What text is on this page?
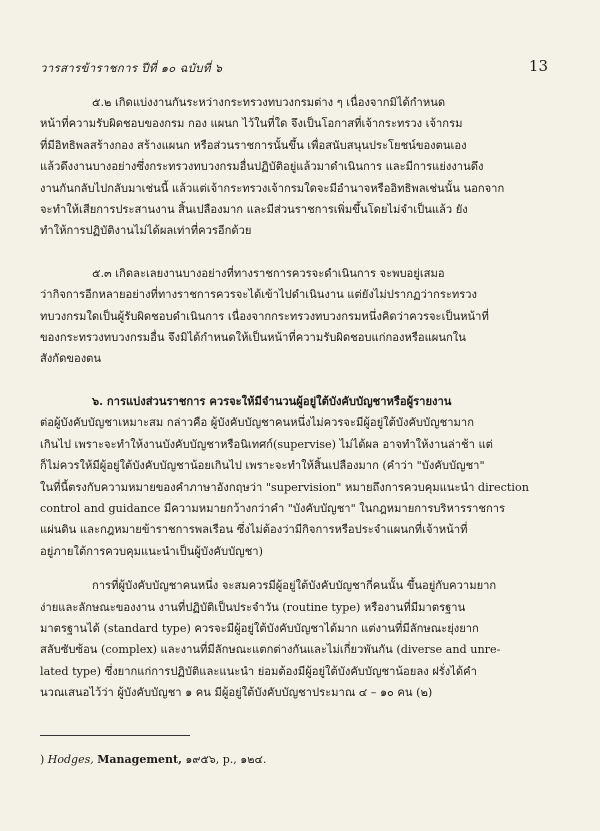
วารสารข้าราชการ ปีที่ ๑๐ ฉบับที่ ๖	13

๕.๒ เกิดแบ่งงานกันระหว่างกระทรวงทบวงกรมต่าง ๆ เนื่องจากมิได้กำหนด

หน้าที่ความรับผิดชอบของกรม กอง แผนก ไว้ในที่ใด จึงเป็นโอกาสที่เจ้ากระทรวง เจ้ากรม

ที่มีอิทธิพลสร้างกอง สร้างแผนก หรือส่วนราชการนั้นขึ้น เพื่อสนับสนุนประโยชน์ของตนเอง

แล้วดึงงานบางอย่างซึ่งกระทรวงทบวงกรมอื่นปฏิบัติอยู่แล้วมาดำเนินการ และมีการแย่งงานดึง

งานกันกลับไปกลับมาเช่นนี้ แล้วแต่เจ้ากระทรวงเจ้ากรมใดจะมีอำนาจหรืออิทธิพลเช่นนั้น นอกจาก

จะทำให้เสียการประสานงาน สิ้นเปลืองมาก และมีส่วนราชการเพิ่มขึ้นโดยไม่จำเป็นแล้ว ยัง

ทำให้การปฏิบัติงานไม่ได้ผลเท่าที่ควรอีกด้วย

๕.๓ เกิดละเลยงานบางอย่างที่ทางราชการควรจะดำเนินการ จะพบอยู่เสมอ

ว่ากิจการอีกหลายอย่างที่ทางราชการควรจะได้เข้าไปดำเนินงาน แต่ยังไม่ปรากฏว่ากระทรวง

ทบวงกรมใดเป็นผู้รับผิดชอบดำเนินการ เนื่องจากกระทรวงทบวงกรมหนึ่งคิดว่าควรจะเป็นหน้าที่

ของกระทรวงทบวงกรมอื่น จึงมิได้กำหนดให้เป็นหน้าที่ความรับผิดชอบแก่กองหรือแผนกใน

สังกัดของตน

๖. การแบ่งส่วนราชการ ควรจะให้มีจำนวนผู้อยู่ใต้บังคับบัญชาหรือผู้รายงาน

ต่อผู้บังคับบัญชาเหมาะสม กล่าวคือ ผู้บังคับบัญชาคนหนึ่งไม่ควรจะมีผู้อยู่ใต้บังคับบัญชามาก

เกินไป เพราะจะทำให้งานบังคับบัญชาหรือนิเทศก์(supervise) ไม่ได้ผล อาจทำให้งานล่าช้า แต่

ก็ไม่ควรให้มีผู้อยู่ใต้บังคับบัญชาน้อยเกินไป เพราะจะทำให้สิ้นเปลืองมาก (คำว่า "บังคับบัญชา"

ในที่นี้ตรงกับความหมายของคำภาษาอังกฤษว่า "supervision" หมายถึงการควบคุมแนะนำ direction

control and guidance มีความหมายกว้างกว่าคำ "บังคับบัญชา" ในกฎหมายการบริหารราชการ

แผ่นดิน และกฎหมายข้าราชการพลเรือน ซึ่งไม่ต้องว่ามีกิจการหรือประจำแผนกที่เจ้าหน้าที่

อยู่ภายใต้การควบคุมแนะนำเป็นผู้บังคับบัญชา)

การที่ผู้บังคับบัญชาคนหนึ่ง จะสมควรมีผู้อยู่ใต้บังคับบัญชากี่คนนั้น ขึ้นอยู่กับความยาก

ง่ายและลักษณะของงาน งานที่ปฏิบัติเป็นประจำวัน (routine type) หรืองานที่มีมาตรฐาน

มาตรฐานได้ (standard type) ควรจะมีผู้อยู่ใต้บังคับบัญชาได้มาก แต่งานที่มีลักษณะยุ่งยาก

สลับซับซ้อน (complex) และงานที่มีลักษณะแตกต่างกันและไม่เกี่ยวพันกัน (diverse and unre-

lated type) ซึ่งยากแก่การปฏิบัติและแนะนำ ย่อมต้องมีผู้อยู่ใต้บังคับบัญชาน้อยลง ฝรั่งได้คำ

นวณเสนอไว้ว่า ผู้บังคับบัญชา ๑ คน มีผู้อยู่ใต้บังคับบัญชาประมาณ ๔ – ๑๐ คน (๒)

) Hodges, Management, ๑๙๕๖, p., ๑๒๔.
